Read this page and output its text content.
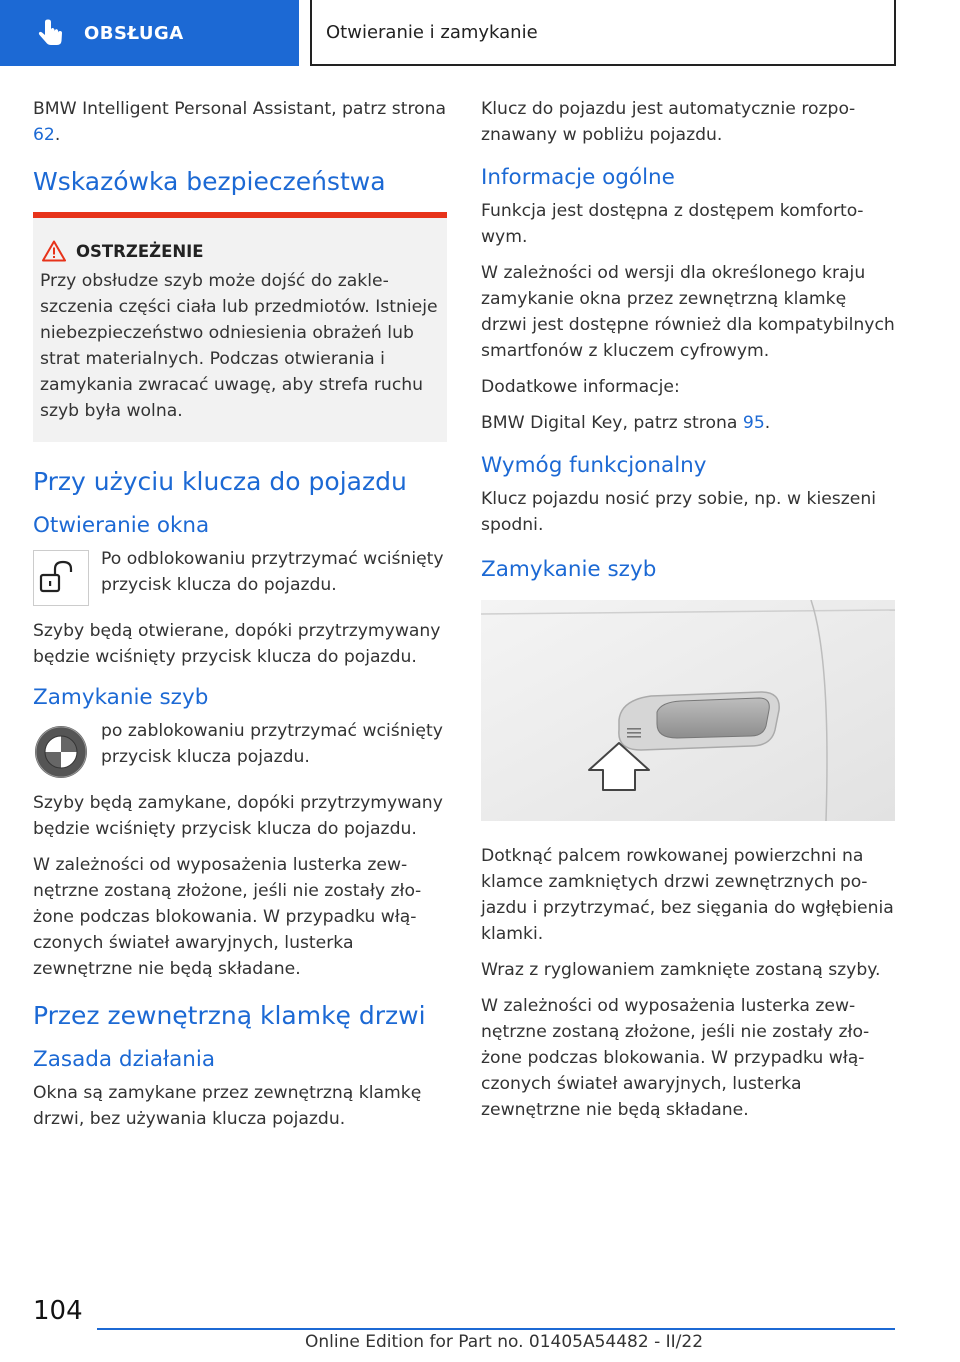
OBSŁUGA	Otwieranie i zamykanie

BMW Intelligent Personal Assistant, patrz strona 62.

Wskazówka bezpieczeństwa
OSTRZEŻENIE

Przy obsłudze szyb może dojść do zakleszczenia części ciała lub przedmiotów. Istnieje niebezpieczeństwo odniesienia obrażeń lub strat materialnych. Podczas otwierania i zamykania zwracać uwagę, aby strefa ruchu szyb była wolna.

Przy użyciu klucza do pojazdu
Otwieranie okna

Po odblokowaniu przytrzymać wciśnięty przycisk klucza do pojazdu.

Szyby będą otwierane, dopóki przytrzymywany będzie wciśnięty przycisk klucza do pojazdu.

Zamykanie szyb

po zablokowaniu przytrzymać wciśnięty przycisk klucza pojazdu.

Szyby będą zamykane, dopóki przytrzymywany będzie wciśnięty przycisk klucza do pojazdu.

W zależności od wyposażenia lusterka zewnętrzne zostaną złożone, jeśli nie zostały złożone podczas blokowania. W przypadku włączonych świateł awaryjnych, lusterka zewnętrzne nie będą składane.

Przez zewnętrzną klamkę drzwi
Zasada działania

Okna są zamykane przez zewnętrzną klamkę drzwi, bez używania klucza pojazdu.

Klucz do pojazdu jest automatycznie rozpoznawany w pobliżu pojazdu.

Informacje ogólne

Funkcja jest dostępna z dostępem komfortowym.

W zależności od wersji dla określonego kraju zamykanie okna przez zewnętrzną klamkę drzwi jest dostępne również dla kompatybilnych smartfonów z kluczem cyfrowym.

Dodatkowe informacje:

BMW Digital Key, patrz strona 95.

Wymóg funkcjonalny

Klucz pojazdu nosić przy sobie, np. w kieszeni spodni.

Zamykanie szyb

Dotknąć palcem rowkowanej powierzchni na klamce zamkniętych drzwi zewnętrznych pojazdu i przytrzymać, bez sięgania do wgłębienia klamki.

Wraz z ryglowaniem zamknięte zostaną szyby.

W zależności od wyposażenia lusterka zewnętrzne zostaną złożone, jeśli nie zostały złożone podczas blokowania. W przypadku włączonych świateł awaryjnych, lusterka zewnętrzne nie będą składane.

104
Online Edition for Part no. 01405A54482 - II/22
